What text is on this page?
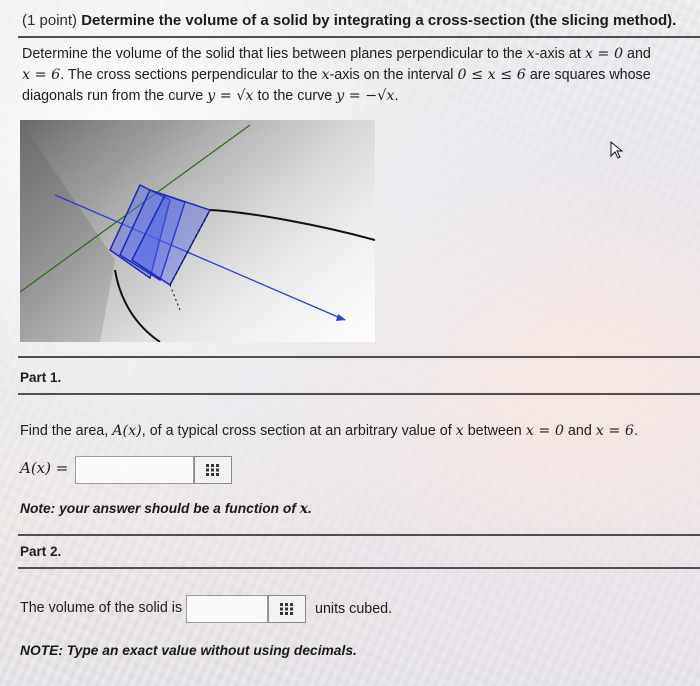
(1 point) Determine the volume of a solid by integrating a cross-section (the slicing method).
Determine the volume of the solid that lies between planes perpendicular to the x-axis at x = 0 and
x = 6. The cross sections perpendicular to the x-axis on the interval 0 ≤ x ≤ 6 are squares whose
diagonals run from the curve y = √x to the curve y = −√x.
Part 1.
Find the area, A(x), of a typical cross section at an arbitrary value of x between x = 0 and x = 6.
A(x) =
Note: your answer should be a function of x.
Part 2.
The volume of the solid is	units cubed.
NOTE: Type an exact value without using decimals.
